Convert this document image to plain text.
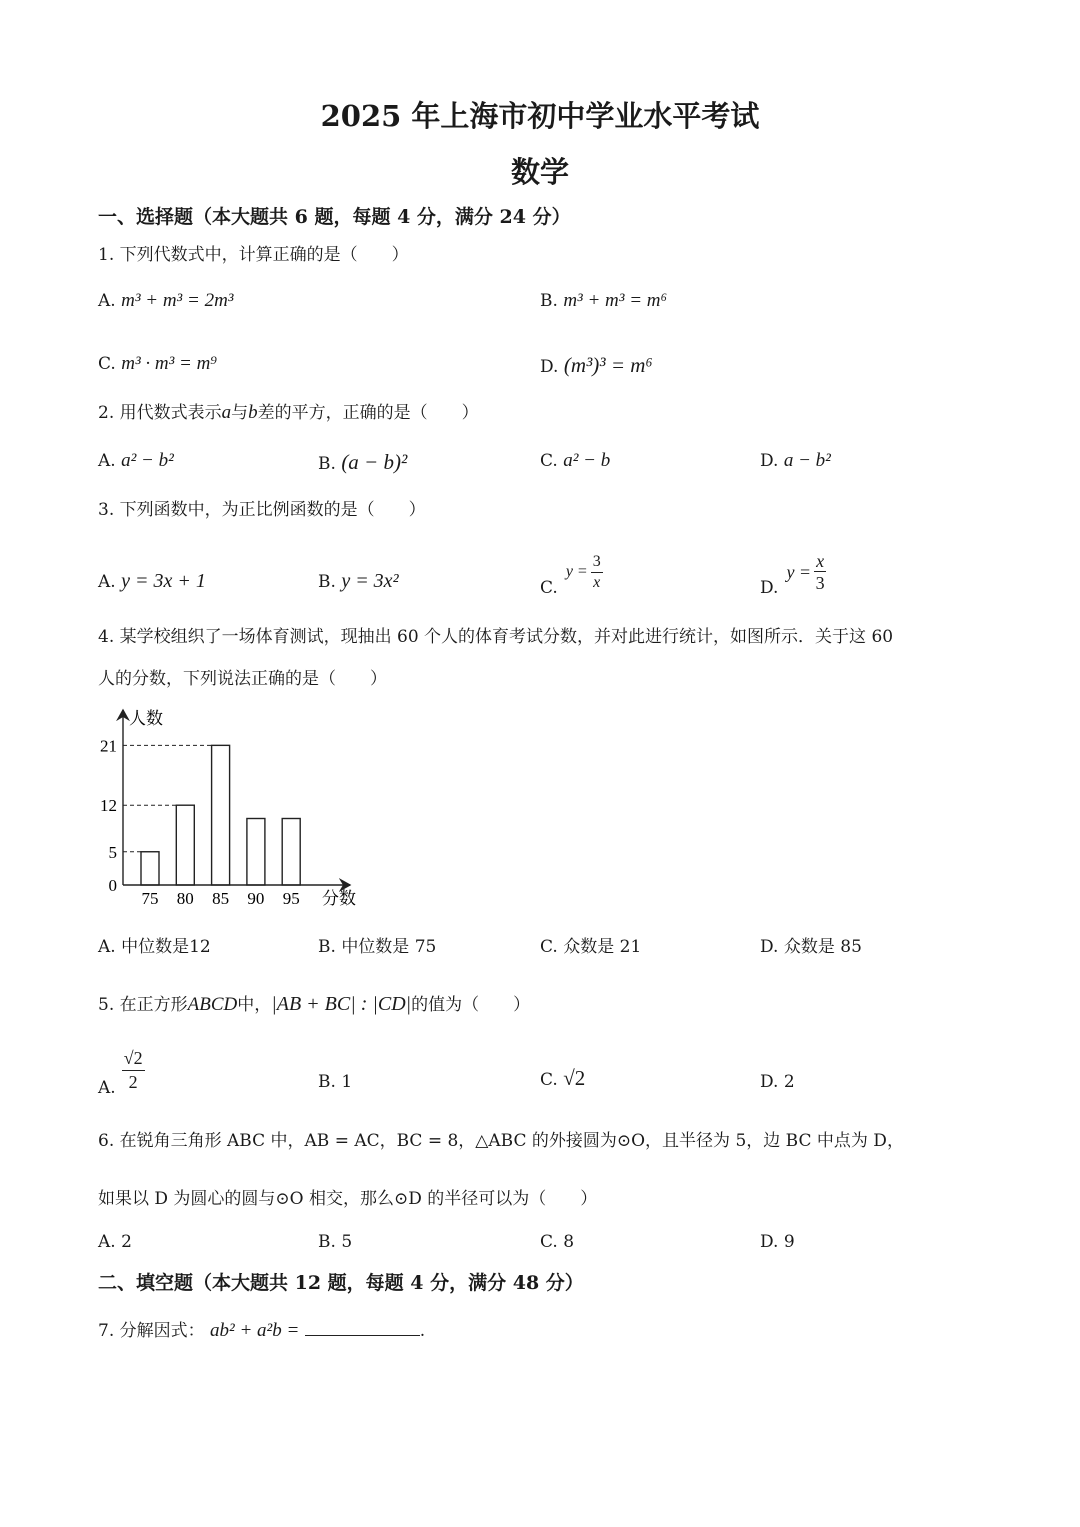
2025 年上海市初中学业水平考试
数学
一、选择题（本大题共 6 题，每题 4 分，满分 24 分）
1. 下列代数式中，计算正确的是（　　）
A. m³ + m³ = 2m³	B. m³ + m³ = m⁶
C. m³ · m³ = m⁹	D. (m³)³ = m⁶
2. 用代数式表示a与b差的平方，正确的是（　　）
A. a² − b²	B. (a − b)²	C. a² − b	D. a − b²
3. 下列函数中，为正比例函数的是（　　）
A. y = 3x + 1	B. y = 3x²	C.
$y = \frac{3}{x}$	D.
$y = \frac{x}{3}$
4. 某学校组织了一场体育测试，现抽出 60 个人的体育考试分数，并对此进行统计，如图所示．关于这 60
人的分数，下列说法正确的是（　　）
0
5
12
21
75 80 85 90 95
人数
分数
A. 中位数是12	B. 中位数是 75	C. 众数是 21	D. 众数是 85
5. 在正方形ABCD中，|AB + BC| : |CD|的值为（　　）
A. $\frac{√2}{2}$	B. 1	C. √2	D. 2
6. 在锐角三角形 ABC 中，AB = AC，BC = 8，△ABC 的外接圆为⊙O，且半径为 5，边 BC 中点为 D，
如果以 D 为圆心的圆与⊙O 相交，那么⊙D 的半径可以为（　　）
A. 2	B. 5	C. 8	D. 9
二、填空题（本大题共 12 题，每题 4 分，满分 48 分）
7. 分解因式： ab² + a²b =	.
